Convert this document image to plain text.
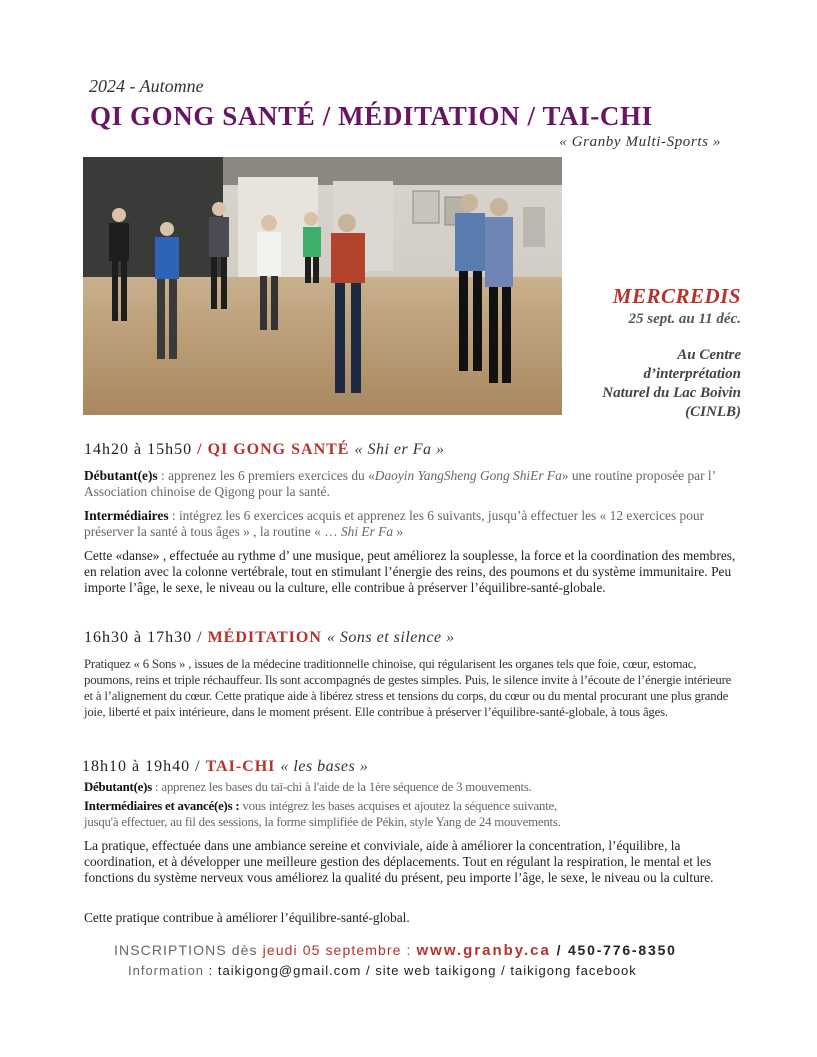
2024 - Automne
QI GONG SANTÉ / MÉDITATION / TAI-CHI
« Granby Multi-Sports »
MERCREDIS
25 sept. au 11 déc.
Au Centre
d’interprétation
Naturel du Lac Boivin
(CINLB)
14h20 à 15h50 / QI GONG SANTÉ « Shi er Fa »
Débutant(e)s : apprenez les 6 premiers exercices du «Daoyin YangSheng Gong ShiEr Fa» une routine proposée par l’ Association chinoise de Qigong pour la santé.
Intermédiaires : intégrez les 6 exercices acquis et apprenez les 6 suivants, jusqu’à effectuer les « 12 exercices pour préserver la santé à tous âges » , la routine « … Shi Er Fa »
Cette «danse» , effectuée au rythme d’ une musique, peut améliorez la souplesse, la force et la coordination des membres, en relation avec la colonne vertébrale, tout en stimulant l’énergie des reins, des poumons et du système immunitaire. Peu importe l’âge, le sexe, le niveau ou la culture, elle contribue à préserver l’équilibre-santé-globale.
16h30 à 17h30 / MÉDITATION « Sons et silence »
Pratiquez « 6 Sons » , issues de la médecine traditionnelle chinoise, qui régularisent les organes tels que foie, cœur, estomac, poumons, reins et triple réchauffeur. Ils sont accompagnés de gestes simples. Puis, le silence invite à l’écoute de l’énergie intérieure et à l’alignement du cœur. Cette pratique aide à libérez stress et tensions du corps, du cœur ou du mental procurant une plus grande joie, liberté et paix intérieure, dans le moment présent. Elle contribue à préserver l’équilibre-santé-globale, à tous âges.
18h10 à 19h40 / TAI-CHI « les bases »
Débutant(e)s : apprenez les bases du taï-chi à l'aide de la 1ère séquence de 3 mouvements.
Intermédiaires et avancé(e)s : vous intégrez les bases acquises et ajoutez la séquence suivante,
jusqu'à effectuer, au fil des sessions, la forme simplifiée de Pékin, style Yang de 24 mouvements.
La pratique, effectuée dans une ambiance sereine et conviviale, aide à améliorer la concentration, l’équilibre, la coordination, et à développer une meilleure gestion des déplacements. Tout en régulant la respiration, le mental et les fonctions du système nerveux vous améliorez la qualité du présent, peu importe l’âge, le sexe, le niveau ou la culture.
Cette pratique contribue à améliorer l’équilibre-santé-global.
INSCRIPTIONS dès jeudi 05 septembre : www.granby.ca / 450-776-8350
Information : taikigong@gmail.com / site web taikigong / taikigong facebook
